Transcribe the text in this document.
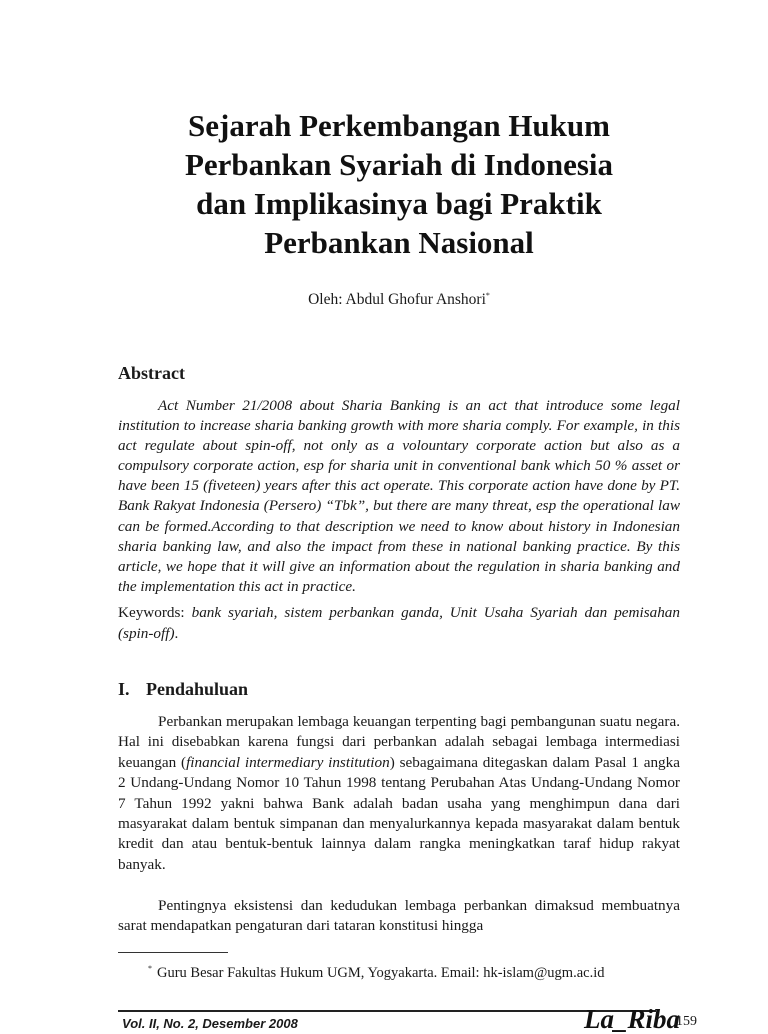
Sejarah Perkembangan Hukum
Perbankan Syariah di Indonesia
dan Implikasinya bagi Praktik
Perbankan Nasional
Oleh: Abdul Ghofur Anshori*
Abstract

Act Number 21/2008 about Sharia Banking is an act that introduce some legal institution to increase sharia banking growth with more sharia comply. For example, in this act regulate about spin-off, not only as a volountary corporate action but also as a compulsory corporate action, esp for sharia unit in conventional bank which 50 % asset or have been 15 (fiveteen) years after this act operate. This corporate action have done by PT. Bank Rakyat Indonesia (Persero) “Tbk”, but there are many threat, esp the operational law can be formed.According to that description we need to know about history in Indonesian sharia banking law, and also the impact from these in national banking practice. By this article, we hope that it will give an information about the regulation in sharia banking and the implementation this act in practice.

Keywords: bank syariah, sistem perbankan ganda, Unit Usaha Syariah dan pemisahan (spin-off).

I. Pendahuluan

Perbankan merupakan lembaga keuangan terpenting bagi pembangunan suatu negara. Hal ini disebabkan karena fungsi dari perbankan adalah sebagai lembaga intermediasi keuangan (financial intermediary institution) sebagaimana ditegaskan dalam Pasal 1 angka 2 Undang-Undang Nomor 10 Tahun 1998 tentang Perubahan Atas Undang-Undang Nomor 7 Tahun 1992 yakni bahwa Bank adalah badan usaha yang menghimpun dana dari masyarakat dalam bentuk simpanan dan menyalurkannya kepada masyarakat dalam bentuk kredit dan atau bentuk-bentuk lainnya dalam rangka meningkatkan taraf hidup rakyat banyak.

Pentingnya eksistensi dan kedudukan lembaga perbankan dimaksud membuatnya sarat mendapatkan pengaturan dari tataran konstitusi hingga

* Guru Besar Fakultas Hukum UGM, Yogyakarta. Email: hk-islam@ugm.ac.id
Vol. II, No. 2, Desember 2008	La_Riba
159
